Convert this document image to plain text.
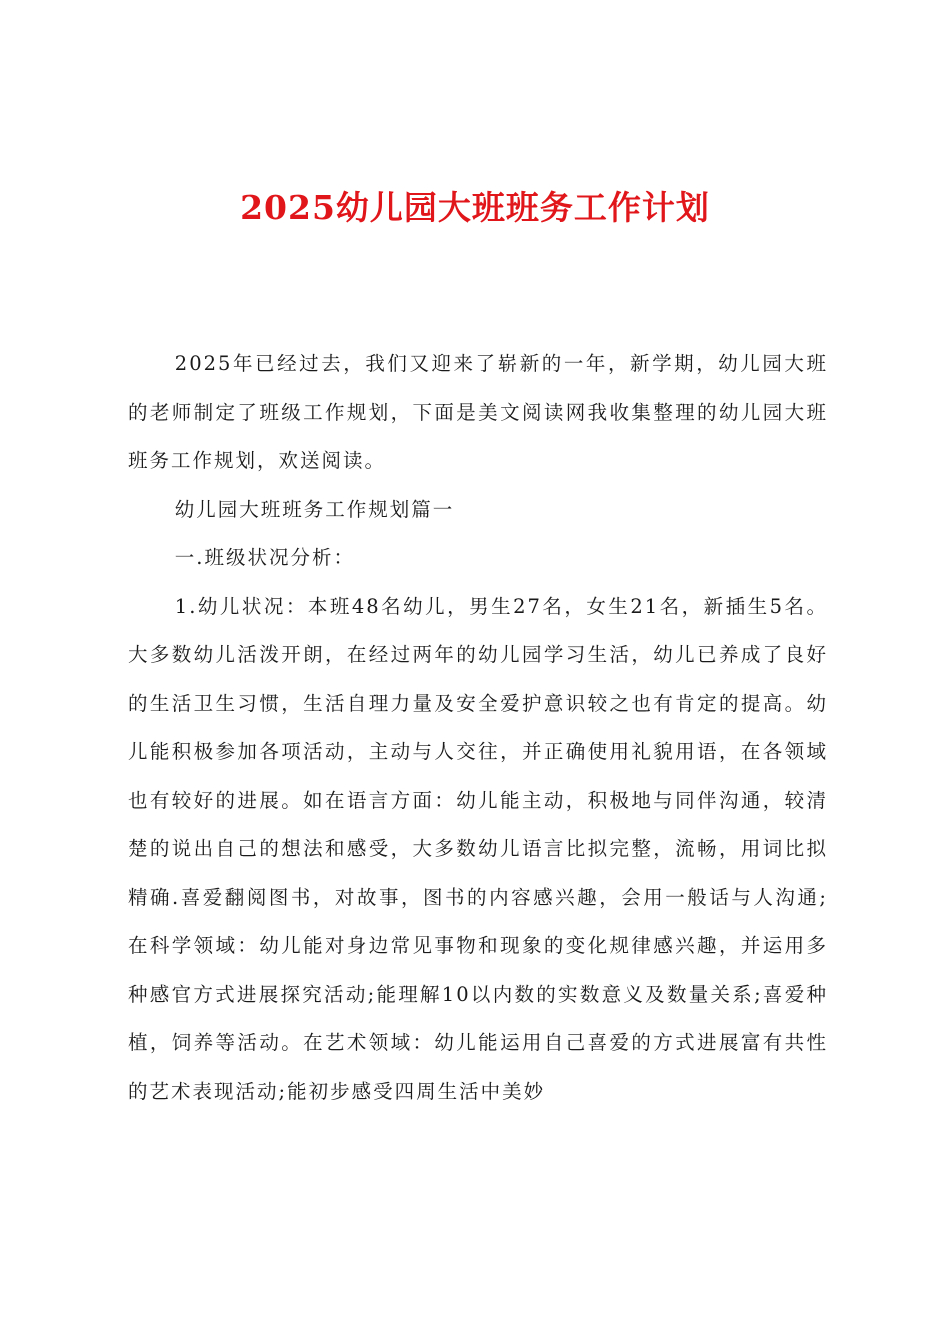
2025幼儿园大班班务工作计划

2025年已经过去，我们又迎来了崭新的一年，新学期，幼儿园大班的老师制定了班级工作规划，下面是美文阅读网我收集整理的幼儿园大班班务工作规划，欢送阅读。

幼儿园大班班务工作规划篇一

一.班级状况分析：

1.幼儿状况：本班48名幼儿，男生27名，女生21名，新插生5名。大多数幼儿活泼开朗，在经过两年的幼儿园学习生活，幼儿已养成了良好的生活卫生习惯，生活自理力量及安全爱护意识较之也有肯定的提高。幼儿能积极参加各项活动，主动与人交往，并正确使用礼貌用语，在各领域也有较好的进展。如在语言方面：幼儿能主动，积极地与同伴沟通，较清楚的说出自己的想法和感受，大多数幼儿语言比拟完整，流畅，用词比拟精确.喜爱翻阅图书，对故事，图书的内容感兴趣，会用一般话与人沟通;在科学领域：幼儿能对身边常见事物和现象的变化规律感兴趣，并运用多种感官方式进展探究活动;能理解10以内数的实数意义及数量关系;喜爱种植，饲养等活动。在艺术领域：幼儿能运用自己喜爱的方式进展富有共性的艺术表现活动;能初步感受四周生活中美妙
